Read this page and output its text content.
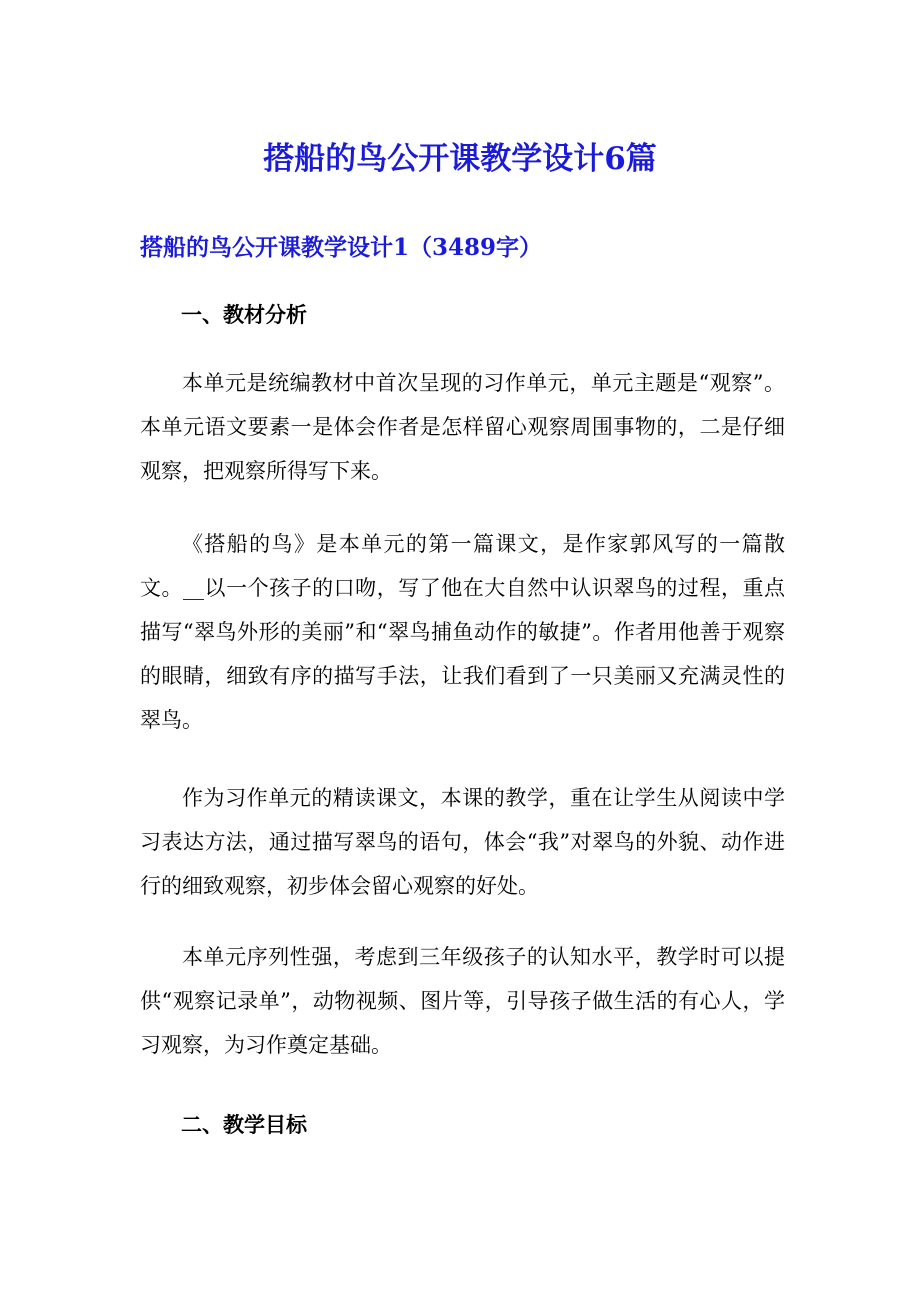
搭船的鸟公开课教学设计6篇
搭船的鸟公开课教学设计1（3489字）
一、教材分析

本单元是统编教材中首次呈现的习作单元，单元主题是“观察”。本单元语文要素一是体会作者是怎样留心观察周围事物的，二是仔细观察，把观察所得写下来。

《搭船的鸟》是本单元的第一篇课文，是作家郭风写的一篇散文。__以一个孩子的口吻，写了他在大自然中认识翠鸟的过程，重点描写“翠鸟外形的美丽”和“翠鸟捕鱼动作的敏捷”。作者用他善于观察的眼睛，细致有序的描写手法，让我们看到了一只美丽又充满灵性的翠鸟。

作为习作单元的精读课文，本课的教学，重在让学生从阅读中学习表达方法，通过描写翠鸟的语句，体会“我”对翠鸟的外貌、动作进行的细致观察，初步体会留心观察的好处。

本单元序列性强，考虑到三年级孩子的认知水平，教学时可以提供“观察记录单”，动物视频、图片等，引导孩子做生活的有心人，学习观察，为习作奠定基础。

二、教学目标
